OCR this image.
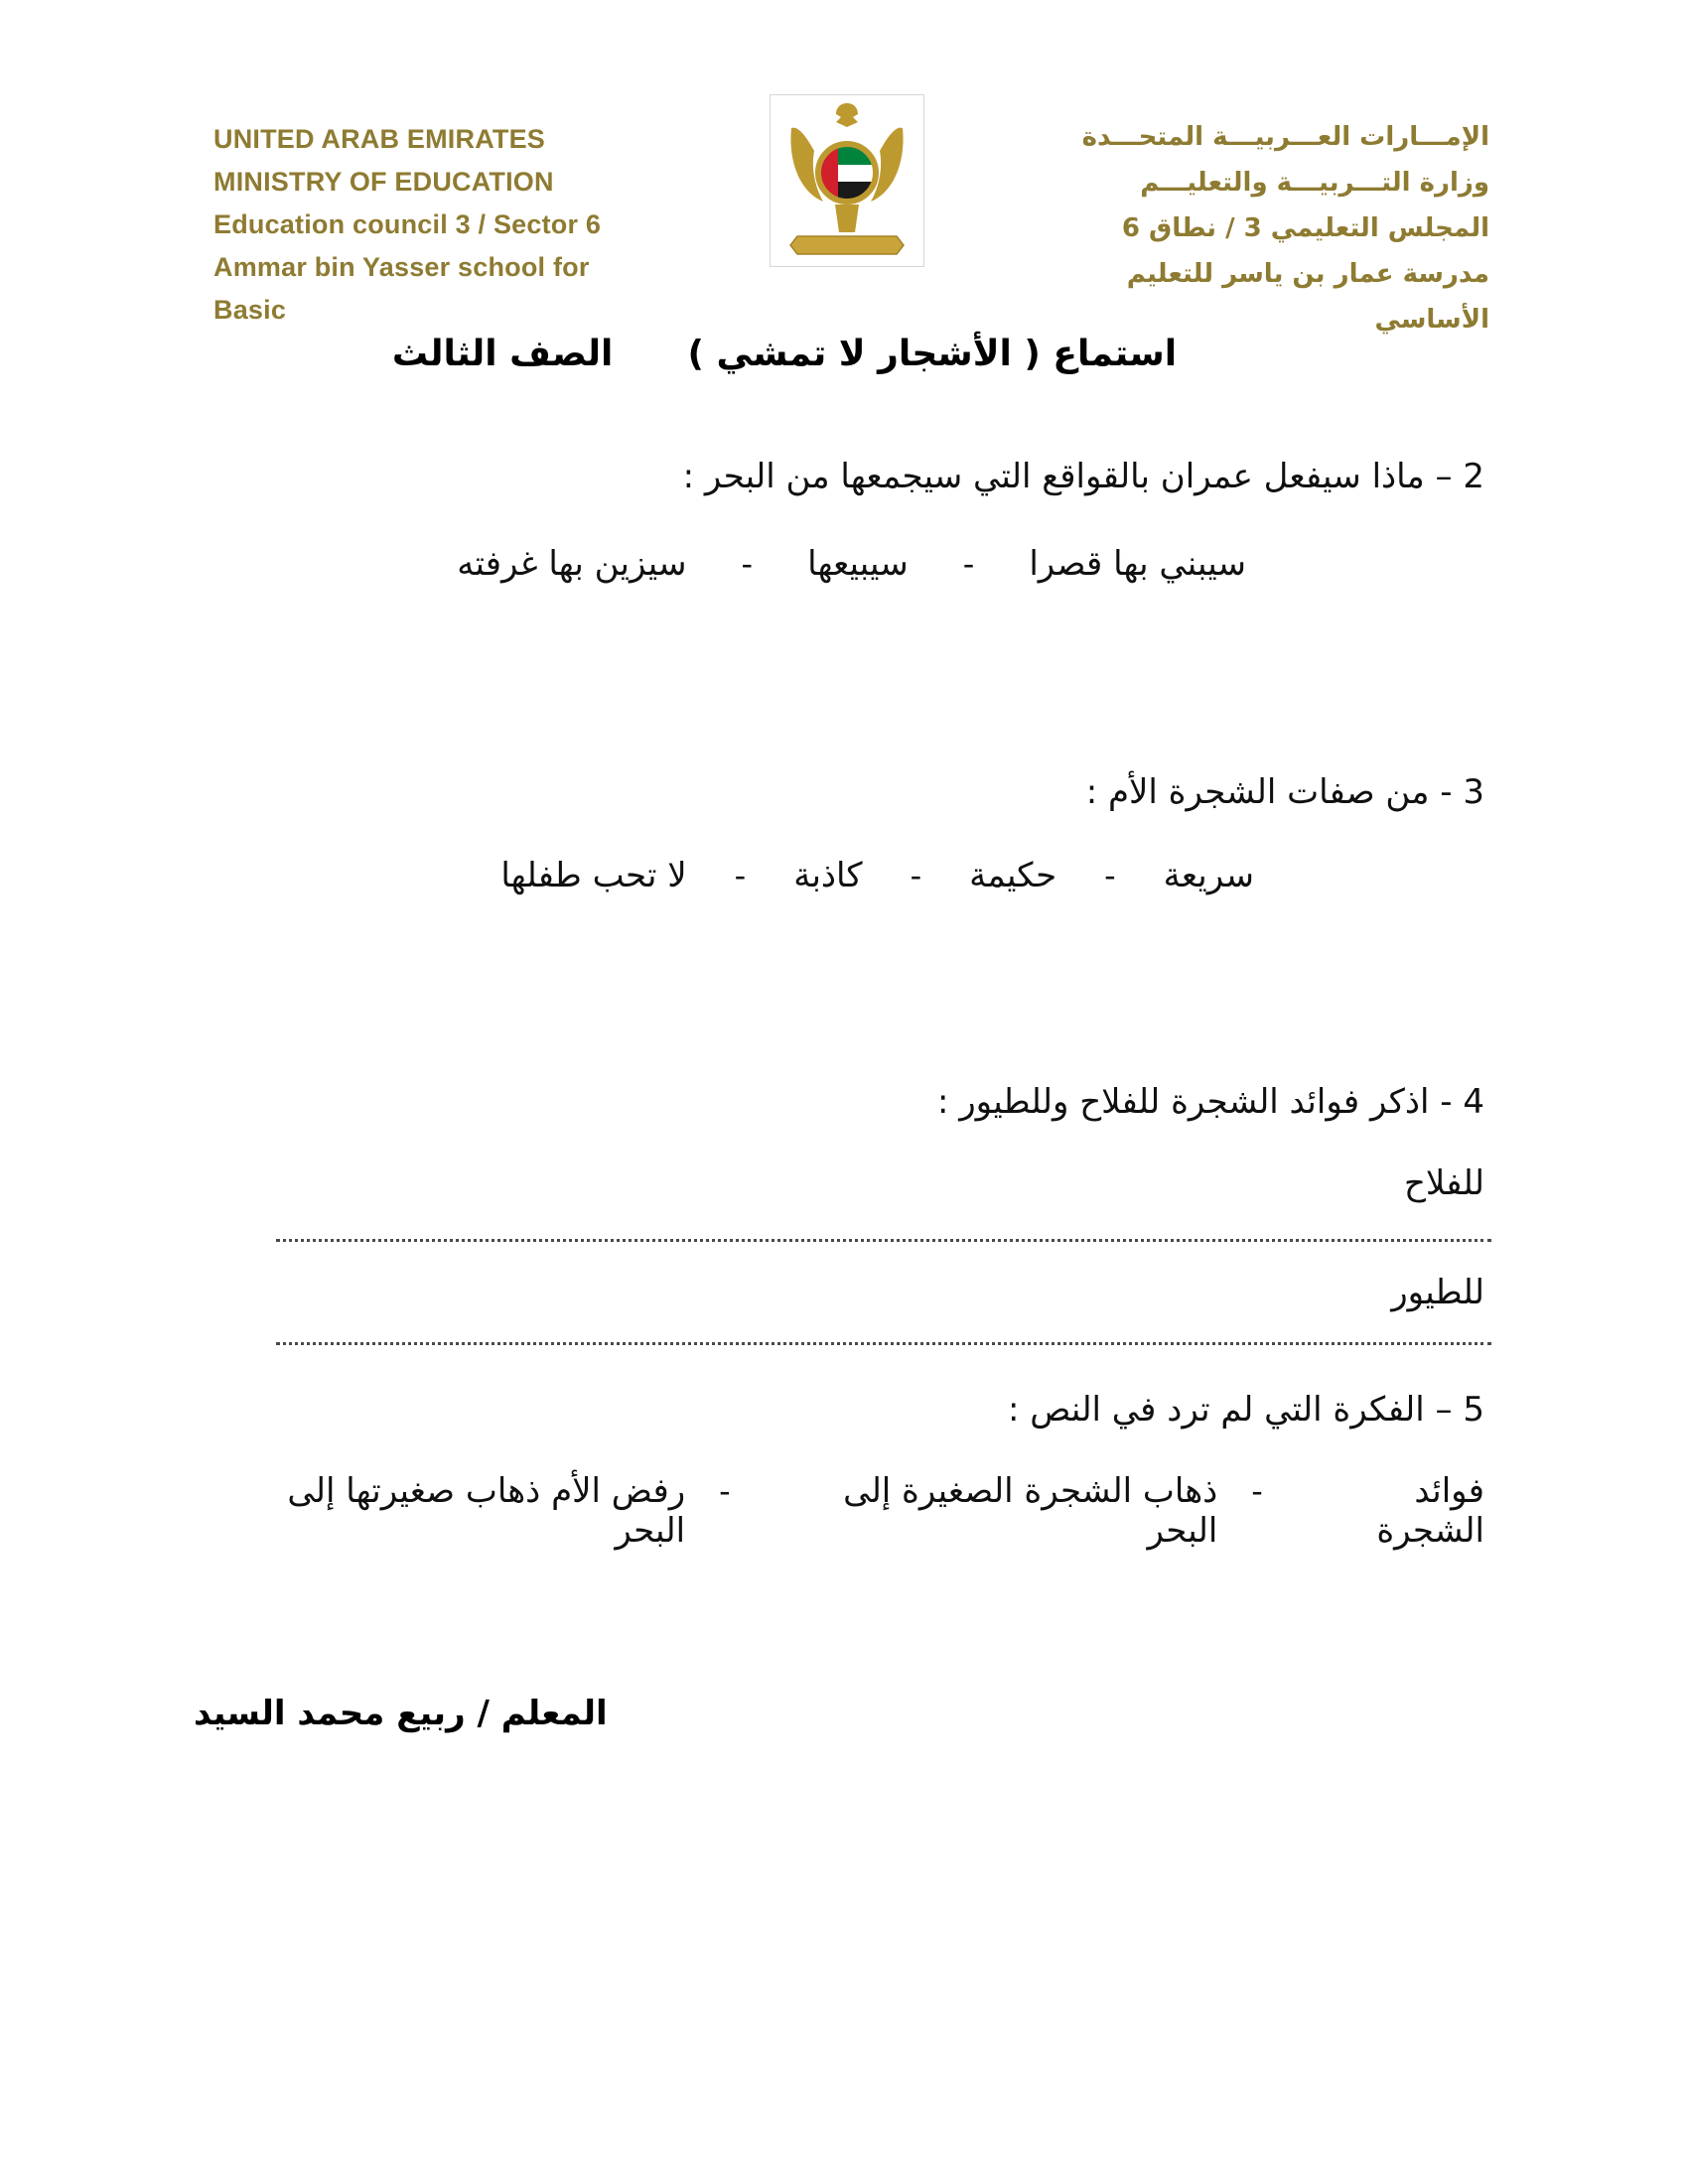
UNITED ARAB EMIRATES
MINISTRY OF EDUCATION
Education council 3 / Sector 6
Ammar bin Yasser school for Basic
الإمـــارات العـــربيـــة المتحـــدة
وزارة التـــربيـــة والتعليـــم
المجلس التعليمي 3 / نطاق 6
مدرسة عمار بن ياسر للتعليم الأساسي
استماع ( الأشجار لا تمشي )      الصف الثالث
2 – ماذا سيفعل عمران بالقواقع التي سيجمعها من البحر :
سيبني بها قصرا
-
سيبيعها
-
سيزين بها غرفته
3 - من صفات الشجرة الأم :
سريعة
-
حكيمة
-
كاذبة
-
لا تحب طفلها
4 - اذكر فوائد الشجرة للفلاح وللطيور :
للفلاح
للطيور
5 – الفكرة التي لم ترد في النص :
فوائد الشجرة
-
ذهاب الشجرة الصغيرة إلى البحر
-
رفض الأم ذهاب صغيرتها إلى البحر
المعلم / ربيع محمد السيد
